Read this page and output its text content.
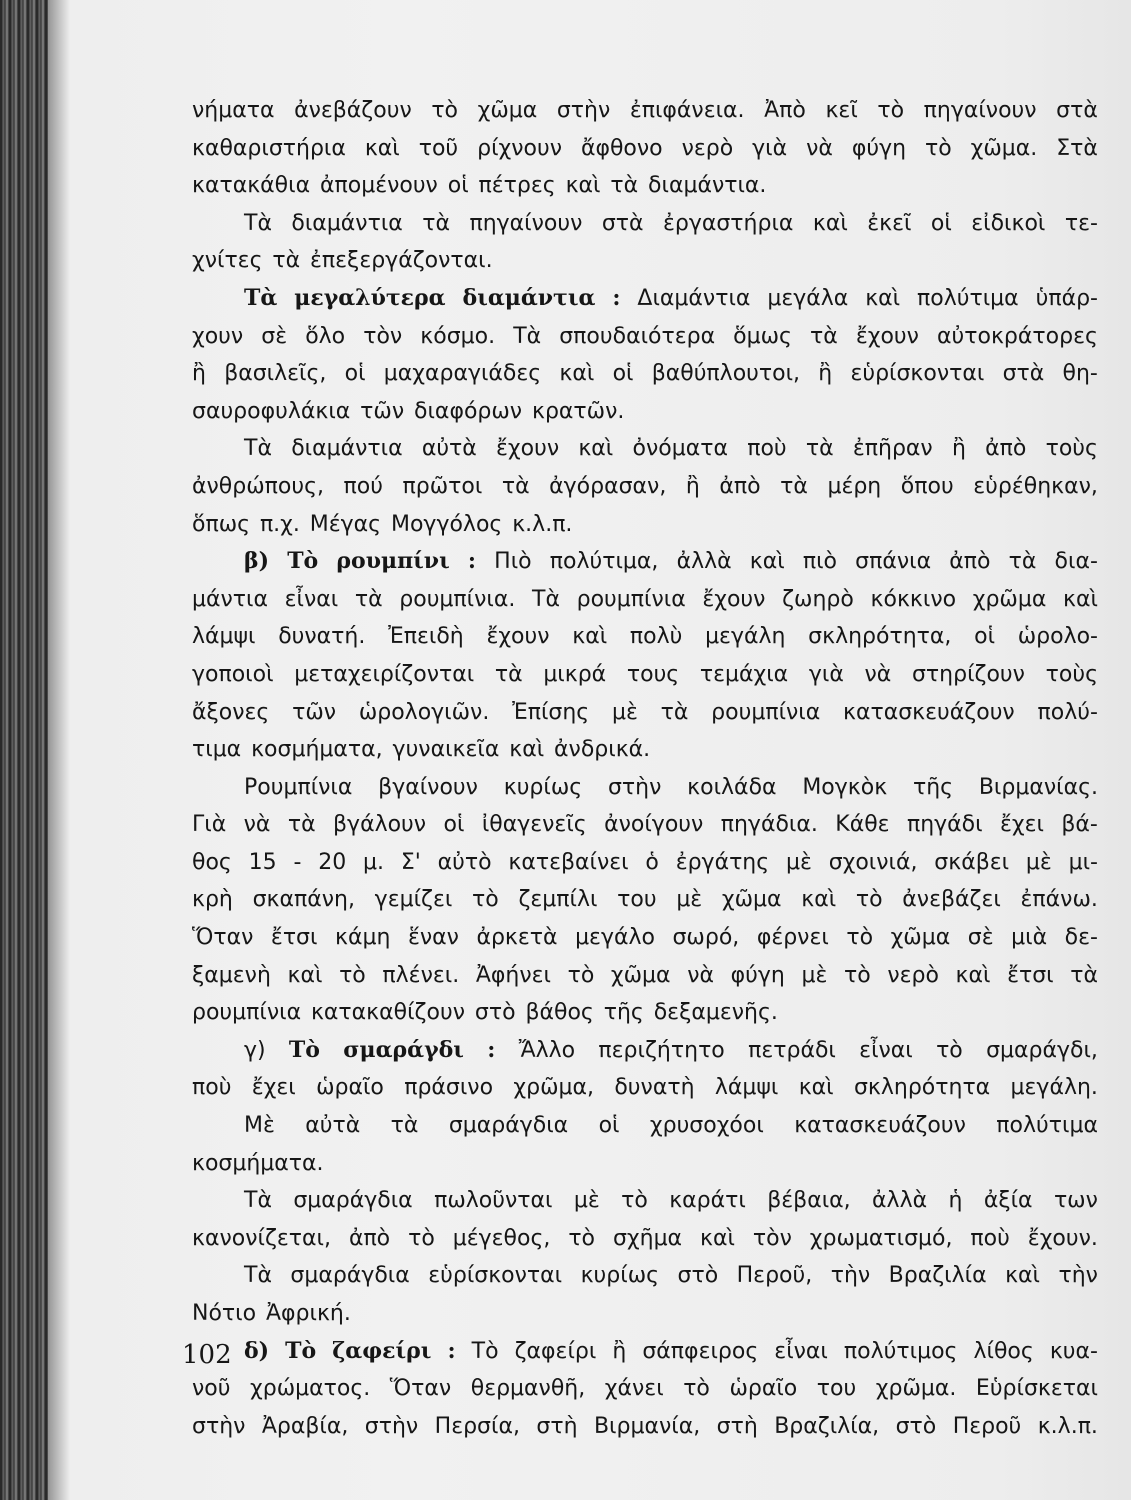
νήματα ἀνεβάζουν τὸ χῶμα στὴν ἐπιφάνεια. Ἀπὸ κεῖ τὸ πηγαίνουν στὰ
καθαριστήρια καὶ τοῦ ρίχνουν ἄφθονο νερὸ γιὰ νὰ φύγη τὸ χῶμα. Στὰ
κατακάθια ἀπομένουν οἱ πέτρες καὶ τὰ διαμάντια.
Τὰ διαμάντια τὰ πηγαίνουν στὰ ἐργαστήρια καὶ ἐκεῖ οἱ εἰδικοὶ τε-
χνίτες τὰ ἐπεξεργάζονται.
Τὰ μεγαλύτερα διαμάντια : Διαμάντια μεγάλα καὶ πολύτιμα ὑπάρ-
χουν σὲ ὅλο τὸν κόσμο. Τὰ σπουδαιότερα ὅμως τὰ ἔχουν αὐτοκράτορες
ἢ βασιλεῖς, οἱ μαχαραγιάδες καὶ οἱ βαθύπλουτοι, ἢ εὑρίσκονται στὰ θη-
σαυροφυλάκια τῶν διαφόρων κρατῶν.
Τὰ διαμάντια αὐτὰ ἔχουν καὶ ὀνόματα ποὺ τὰ ἐπῆραν ἢ ἀπὸ τοὺς
ἀνθρώπους, πού πρῶτοι τὰ ἀγόρασαν, ἢ ἀπὸ τὰ μέρη ὅπου εὑρέθηκαν,
ὅπως π.χ. Μέγας Μογγόλος κ.λ.π.
β) Τὸ ρουμπίνι : Πιὸ πολύτιμα, ἀλλὰ καὶ πιὸ σπάνια ἀπὸ τὰ δια-
μάντια εἶναι τὰ ρουμπίνια. Τὰ ρουμπίνια ἔχουν ζωηρὸ κόκκινο χρῶμα καὶ
λάμψι δυνατή. Ἐπειδὴ ἔχουν καὶ πολὺ μεγάλη σκληρότητα, οἱ ὡρολο-
γοποιοὶ μεταχειρίζονται τὰ μικρά τους τεμάχια γιὰ νὰ στηρίζουν τοὺς
ἄξονες τῶν ὡρολογιῶν. Ἐπίσης μὲ τὰ ρουμπίνια κατασκευάζουν πολύ-
τιμα κοσμήματα, γυναικεῖα καὶ ἀνδρικά.
Ρουμπίνια βγαίνουν κυρίως στὴν κοιλάδα Μογκὸκ τῆς Βιρμανίας.
Γιὰ νὰ τὰ βγάλουν οἱ ἰθαγενεῖς ἀνοίγουν πηγάδια. Κάθε πηγάδι ἔχει βά-
θος 15 - 20 μ. Σ' αὐτὸ κατεβαίνει ὁ ἐργάτης μὲ σχοινιά, σκάβει μὲ μι-
κρὴ σκαπάνη, γεμίζει τὸ ζεμπίλι του μὲ χῶμα καὶ τὸ ἀνεβάζει ἐπάνω.
Ὅταν ἔτσι κάμη ἕναν ἀρκετὰ μεγάλο σωρό, φέρνει τὸ χῶμα σὲ μιὰ δε-
ξαμενὴ καὶ τὸ πλένει. Ἀφήνει τὸ χῶμα νὰ φύγη μὲ τὸ νερὸ καὶ ἔτσι τὰ
ρουμπίνια κατακαθίζουν στὸ βάθος τῆς δεξαμενῆς.
γ) Τὸ σμαράγδι : Ἄλλο περιζήτητο πετράδι εἶναι τὸ σμαράγδι,
ποὺ ἔχει ὡραῖο πράσινο χρῶμα, δυνατὴ λάμψι καὶ σκληρότητα μεγάλη.
Μὲ αὐτὰ τὰ σμαράγδια οἱ χρυσοχόοι κατασκευάζουν πολύτιμα
κοσμήματα.
Τὰ σμαράγδια πωλοῦνται μὲ τὸ καράτι βέβαια, ἀλλὰ ἡ ἀξία των
κανονίζεται, ἀπὸ τὸ μέγεθος, τὸ σχῆμα καὶ τὸν χρωματισμό, ποὺ ἔχουν.
Τὰ σμαράγδια εὑρίσκονται κυρίως στὸ Περοῦ, τὴν Βραζιλία καὶ τὴν
Νότιο Ἀφρική.
δ) Τὸ ζαφείρι : Τὸ ζαφείρι ἢ σάπφειρος εἶναι πολύτιμος λίθος κυα-
νοῦ χρώματος. Ὅταν θερμανθῆ, χάνει τὸ ὡραῖο του χρῶμα. Εὑρίσκεται
στὴν Ἀραβία, στὴν Περσία, στὴ Βιρμανία, στὴ Βραζιλία, στὸ Περοῦ κ.λ.π.
102
